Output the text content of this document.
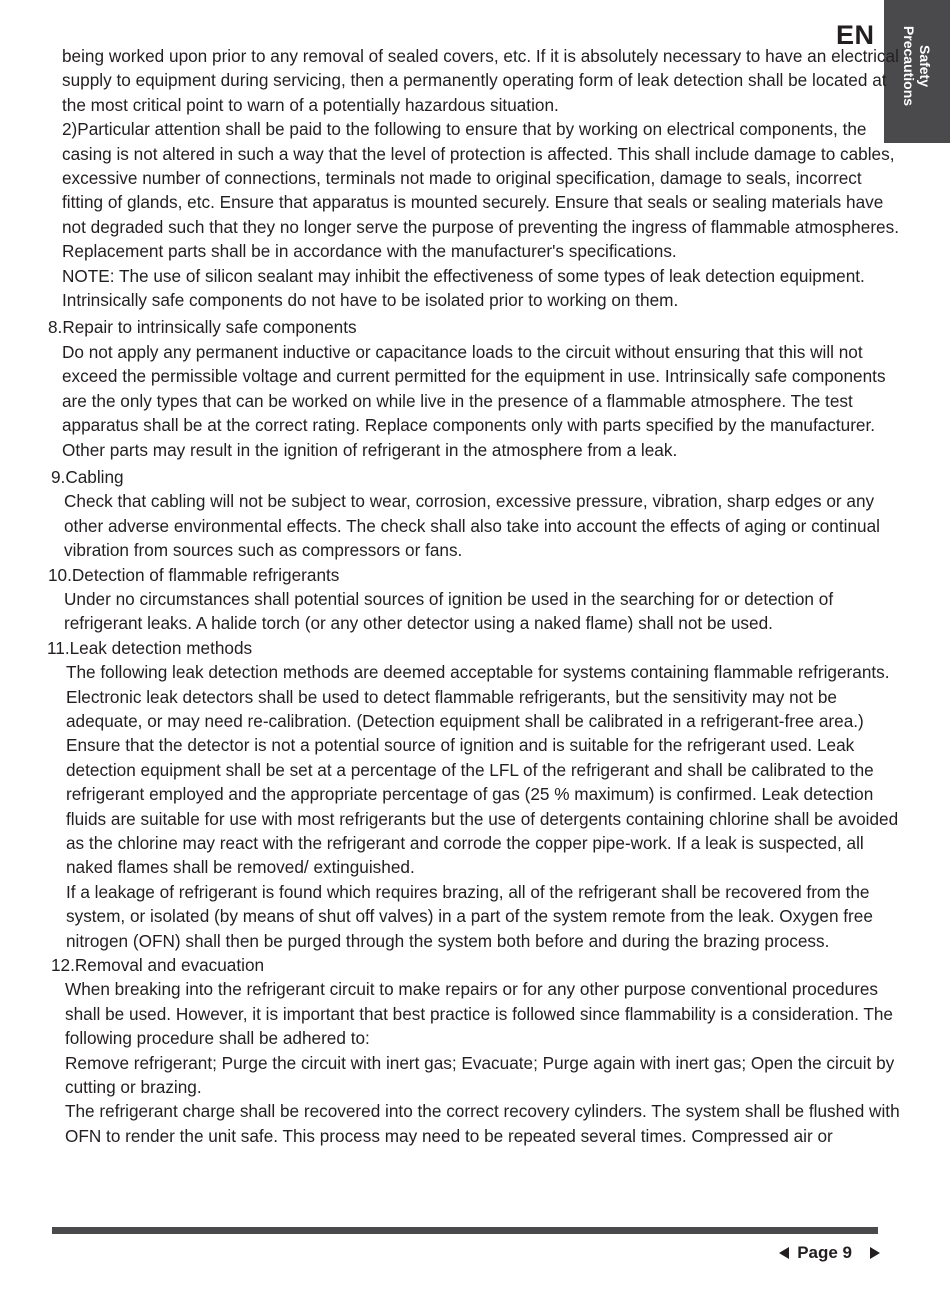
EN
Safety
Precautions

being worked upon prior to any removal of sealed covers, etc. If it is absolutely necessary to have an electrical supply to equipment during servicing, then a permanently operating form of leak detection shall be located at the most critical point to warn of a potentially hazardous situation.

2)Particular attention shall be paid to the following to ensure that by working on electrical components, the casing is not altered in such a way that the level of protection is affected. This shall include damage to cables, excessive number of connections, terminals not made to original specification, damage to seals, incorrect fitting of glands, etc. Ensure that apparatus is mounted securely. Ensure that seals or sealing materials have not degraded such that they no longer serve the purpose of preventing the ingress of flammable atmospheres. Replacement parts shall be in accordance with the manufacturer's specifications.

NOTE: The use of silicon sealant may inhibit the effectiveness of some types of leak detection equipment. Intrinsically safe components do not have to be isolated prior to working on them.

8.Repair to intrinsically safe components

Do not apply any permanent inductive or capacitance loads to the circuit without ensuring that this will not exceed the permissible voltage and current permitted for the equipment in use. Intrinsically safe components are the only types that can be worked on while live in the presence of a flammable atmosphere. The test apparatus shall be at the correct rating. Replace components only with parts specified by the manufacturer. Other parts may result in the ignition of refrigerant in the atmosphere from a leak.

9.Cabling

Check that cabling will not be subject to wear, corrosion, excessive pressure, vibration, sharp edges or any other adverse environmental effects. The check shall also take into account the effects of aging or continual vibration from sources such as compressors or fans.

10.Detection of flammable refrigerants

Under no circumstances shall potential sources of ignition be used in the searching for or detection of refrigerant leaks. A halide torch (or any other detector using a naked flame) shall not be used.

11.Leak detection methods

The following leak detection methods are deemed acceptable for systems containing flammable refrigerants. Electronic leak detectors shall be used to detect flammable refrigerants, but the sensitivity may not be adequate, or may need re-calibration. (Detection equipment shall be calibrated in a refrigerant-free area.) Ensure that the detector is not a potential source of ignition and is suitable for the refrigerant used. Leak detection equipment shall be set at a percentage of the LFL of the refrigerant and shall be calibrated to the refrigerant employed and the appropriate percentage of gas (25 % maximum) is confirmed. Leak detection fluids are suitable for use with most refrigerants but the use of detergents containing chlorine shall be avoided as the chlorine may react with the refrigerant and corrode the copper pipe-work. If a leak is suspected, all naked flames shall be removed/ extinguished.

If a leakage of refrigerant is found which requires brazing, all of the refrigerant shall be recovered from the system, or isolated (by means of shut off valves) in a part of the system remote from the leak. Oxygen free nitrogen (OFN) shall then be purged through the system both before and during the brazing process.

12.Removal and evacuation

When breaking into the refrigerant circuit to make repairs or for any other purpose conventional procedures shall be used. However, it is important that best practice is followed since flammability is a consideration. The following procedure shall be adhered to:

Remove refrigerant; Purge the circuit with inert gas; Evacuate; Purge again with inert gas; Open the circuit by cutting or brazing.

The refrigerant charge shall be recovered into the correct recovery cylinders. The system shall be flushed with OFN to render the unit safe. This process may need to be repeated several times. Compressed air or

Page 9
